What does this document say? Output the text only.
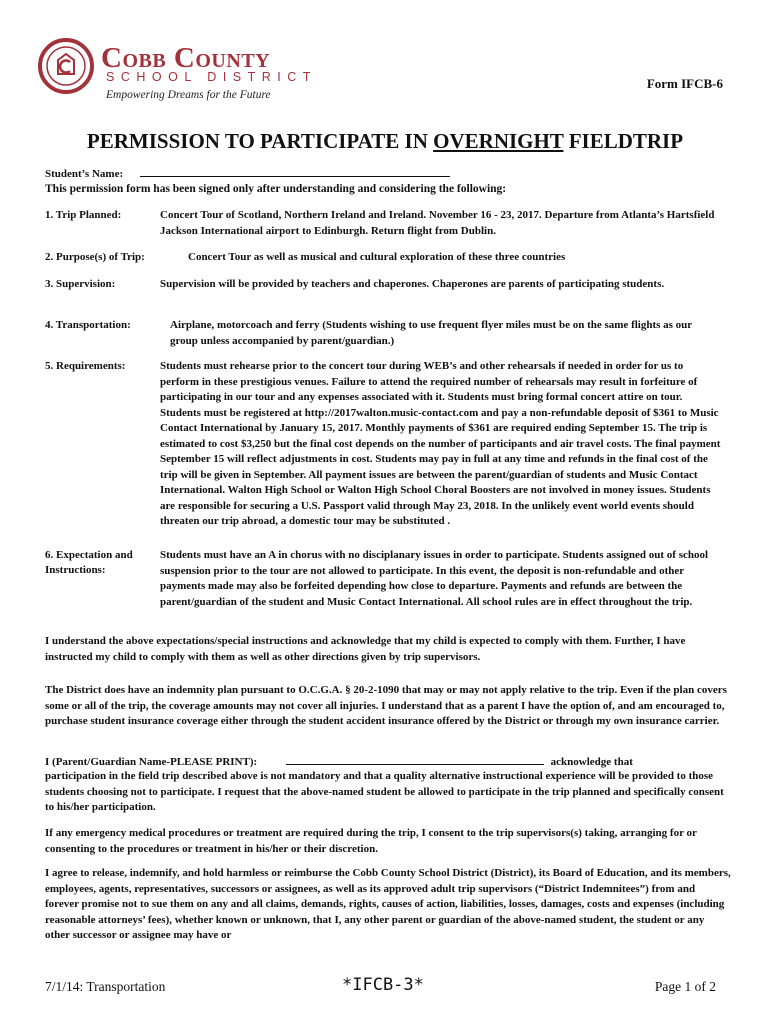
Cobb County
SCHOOL DISTRICT
Empowering Dreams for the Future
Form IFCB-6
PERMISSION TO PARTICIPATE IN OVERNIGHT FIELDTRIP
Student’s Name:
This permission form has been signed only after understanding and considering the following:
1. Trip Planned:	Concert Tour of Scotland, Northern Ireland and Ireland. November 16 - 23, 2017. Departure from Atlanta’s Hartsfield Jackson International airport to Edinburgh. Return flight from Dublin.
2. Purpose(s) of Trip:	Concert Tour as well as musical and cultural exploration of these three countries
3. Supervision:	Supervision will be provided by teachers and chaperones. Chaperones are parents of participating students.
4. Transportation:	Airplane, motorcoach and ferry (Students wishing to use frequent flyer miles must be on the same flights as our group unless accompanied by parent/guardian.)
5. Requirements:	Students must rehearse prior to the concert tour during WEB’s and other rehearsals if needed in order for us to perform in these prestigious venues. Failure to attend the required number of rehearsals may result in forfeiture of participating in our tour and any expenses associated with it. Students must bring formal concert attire on tour. Students must be registered at http://2017walton.music-contact.com and pay a non-refundable deposit of $361 to Music Contact International by January 15, 2017. Monthly payments of $361 are required ending September 15. The trip is estimated to cost $3,250 but the final cost depends on the number of participants and air travel costs. The final payment September 15 will reflect adjustments in cost. Students may pay in full at any time and refunds in the final cost of the trip will be given in September. All payment issues are between the parent/guardian of students and Music Contact International. Walton High School or Walton High School Choral Boosters are not involved in money issues. Students are responsible for securing a U.S. Passport valid through May 23, 2018. In the unlikely event world events should threaten our trip abroad, a domestic tour may be substituted .
6. Expectation and
Instructions:
Students must have an A in chorus with no disciplanary issues in order to participate. Students assigned out of school suspension prior to the tour are not allowed to participate. In this event, the deposit is non-refundable and other payments made may also be forfeited depending how close to departure. Payments and refunds are between the parent/guardian of the student and Music Contact International. All school rules are in effect throughout the trip.
I understand the above expectations/special instructions and acknowledge that my child is expected to comply with them. Further, I have instructed my child to comply with them as well as other directions given by trip supervisors.
The District does have an indemnity plan pursuant to O.C.G.A. § 20-2-1090 that may or may not apply relative to the trip. Even if the plan covers some or all of the trip, the coverage amounts may not cover all injuries. I understand that as a parent I have the option of, and am encouraged to, purchase student insurance coverage either through the student accident insurance offered by the District or through my own insurance carrier.
I (Parent/Guardian Name-PLEASE PRINT):	acknowledge that
participation in the field trip described above is not mandatory and that a quality alternative instructional experience will be provided to those students choosing not to participate. I request that the above-named student be allowed to participate in the trip planned and specifically consent to his/her participation.
If any emergency medical procedures or treatment are required during the trip, I consent to the trip supervisors(s) taking, arranging for or consenting to the procedures or treatment in his/her or their discretion.
I agree to release, indemnify, and hold harmless or reimburse the Cobb County School District (District), its Board of Education, and its members, employees, agents, representatives, successors or assignees, as well as its approved adult trip supervisors (“District Indemnitees”) from and forever promise not to sue them on any and all claims, demands, rights, causes of action, liabilities, losses, damages, costs and expenses (including reasonable attorneys’ fees), whether known or unknown, that I, any other parent or guardian of the above-named student, the student or any other successor or assignee may have or
7/1/14: Transportation	*IFCB-3*	Page 1 of 2
